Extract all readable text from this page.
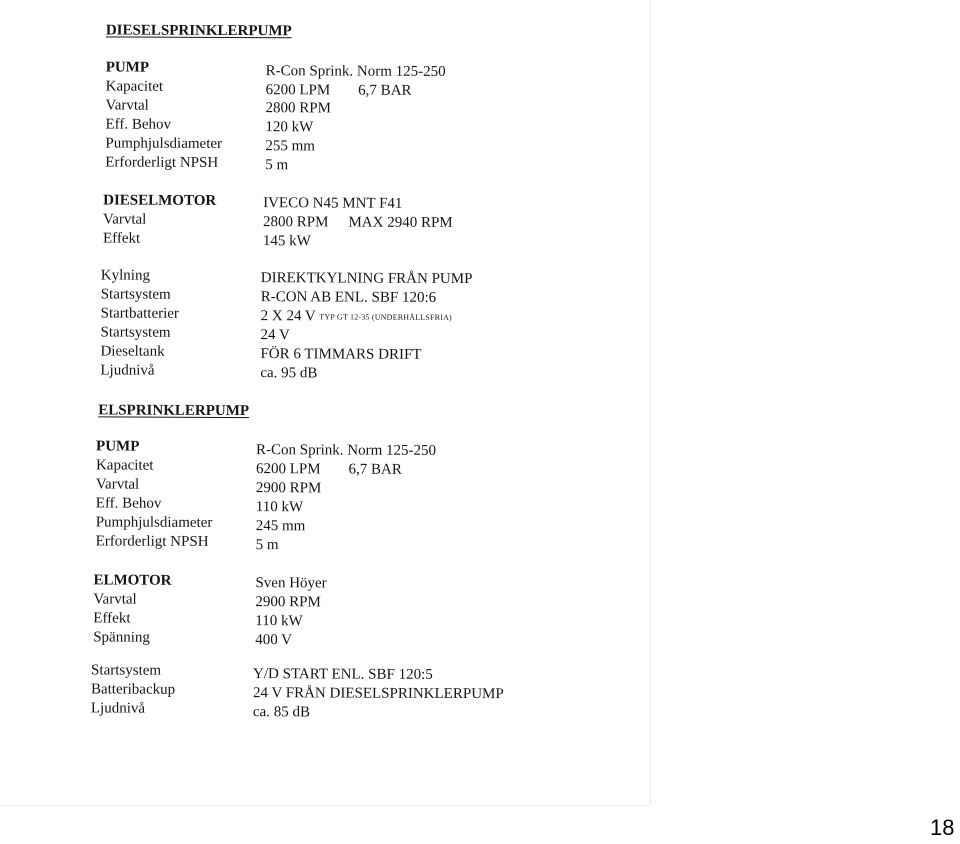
DIESELSPRINKLERPUMP
PUMP	R-Con Sprink. Norm 125-250
Kapacitet	6200 LPM 6,7 BAR
Varvtal	2800 RPM
Eff. Behov	120 kW
Pumphjulsdiameter	255 mm
Erforderligt NPSH	5 m
DIESELMOTOR	IVECO N45 MNT F41
Varvtal	2800 RPM MAX 2940 RPM
Effekt	145 kW
Kylning	DIREKTKYLNING FRÅN PUMP
Startsystem	R-CON AB ENL. SBF 120:6
Startbatterier	2 X 24 V TYP GT 12-35 (UNDERHÅLLSFRIA)
Startsystem	24 V
Dieseltank	FÖR 6 TIMMARS DRIFT
Ljudnivå	ca. 95 dB
ELSPRINKLERPUMP
PUMP	R-Con Sprink. Norm 125-250
Kapacitet	6200 LPM 6,7 BAR
Varvtal	2900 RPM
Eff. Behov	110 kW
Pumphjulsdiameter	245 mm
Erforderligt NPSH	5 m
ELMOTOR	Sven Höyer
Varvtal	2900 RPM
Effekt	110 kW
Spänning	400 V
Startsystem	Y/D START ENL. SBF 120:5
Batteribackup	24 V FRÅN DIESELSPRINKLERPUMP
Ljudnivå	ca. 85 dB
18
